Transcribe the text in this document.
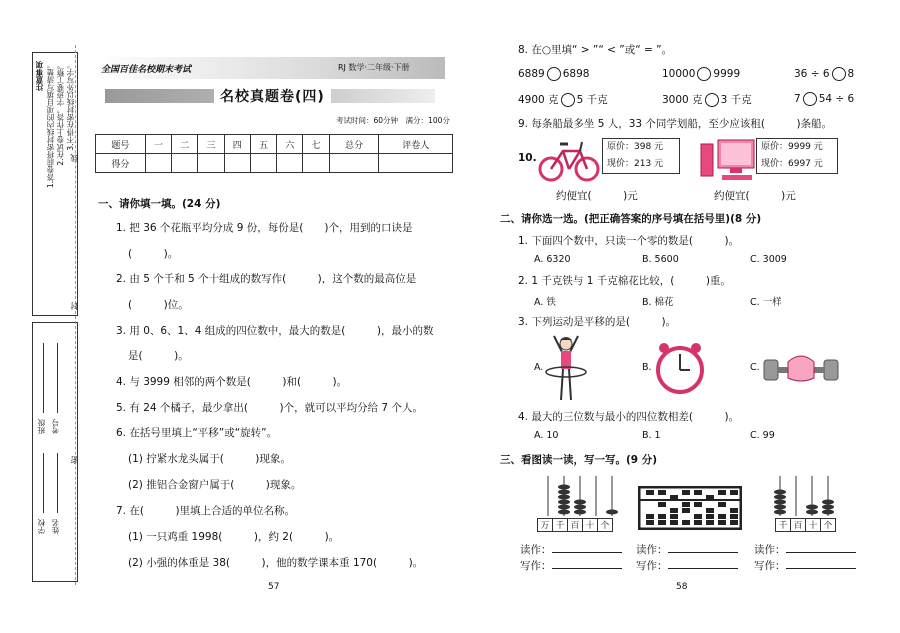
注意事项 1.答卷前将密封线内的项目填写清楚。 2.在试卷上作答，字迹要工整。 3.不得在密封线以外写字。
学校 姓名
班级 考号
线
封
密
全国百佳名校期末考试	RJ 数学·二年级·下册
名校真题卷(四)
考试时间：60分钟　满分：100分
题号	一	二	三	四	五	六	七	总分	评卷人
得分									
一、请你填一填。(24 分)
1. 把 36 个花瓶平均分成 9 份，每份是(　　)个，用到的口诀是
(　　　)。
2. 由 5 个千和 5 个十组成的数写作(　　　)，这个数的最高位是
(　　　)位。
3. 用 0、6、1、4 组成的四位数中，最大的数是(　　　)，最小的数
是(　　　)。
4. 与 3999 相邻的两个数是(　　　)和(　　　)。
5. 有 24 个橘子，最少拿出(　　　)个，就可以平均分给 7 个人。
6. 在括号里填上“平移”或“旋转”。
(1) 拧紧水龙头属于(　　　)现象。
(2) 推铝合金窗户属于(　　　)现象。
7. 在(　　　)里填上合适的单位名称。
(1) 一只鸡重 1998(　　　)，约 2(　　　)。
(2) 小强的体重是 38(　　　)，他的数学课本重 170(　　　)。
57
8. 在○里填“ > ”“ < ”或“ = ”。
6889 6898	10000 9999	36 ÷ 6 8
4900 克 5 千克	3000 克 3 千克	7 54 ÷ 6
9. 每条船最多坐 5 人，33 个同学划船，至少应该租(　　　)条船。
10.
原价：398 元
现价：213 元
原价：9999 元
现价：6997 元
约便宜(　　　)元	约便宜(　　　)元
二、请你选一选。(把正确答案的序号填在括号里)(8 分)
1. 下面四个数中，只读一个零的数是(　　　)。
A. 6320	B. 5600	C. 3009
2. 1 千克铁与 1 千克棉花比较，(　　　)重。
A. 铁	B. 棉花	C. 一样
3. 下列运动是平移的是(　　　)。
A.	B.	C.
4. 最大的三位数与最小的四位数相差(　　　)。
A. 10	B. 1	C. 99
三、看图读一读，写一写。(9 分)
万 千 百 十 个	千 百 十 个
读作：
写作：
读作：
写作：
读作：
写作：
58
